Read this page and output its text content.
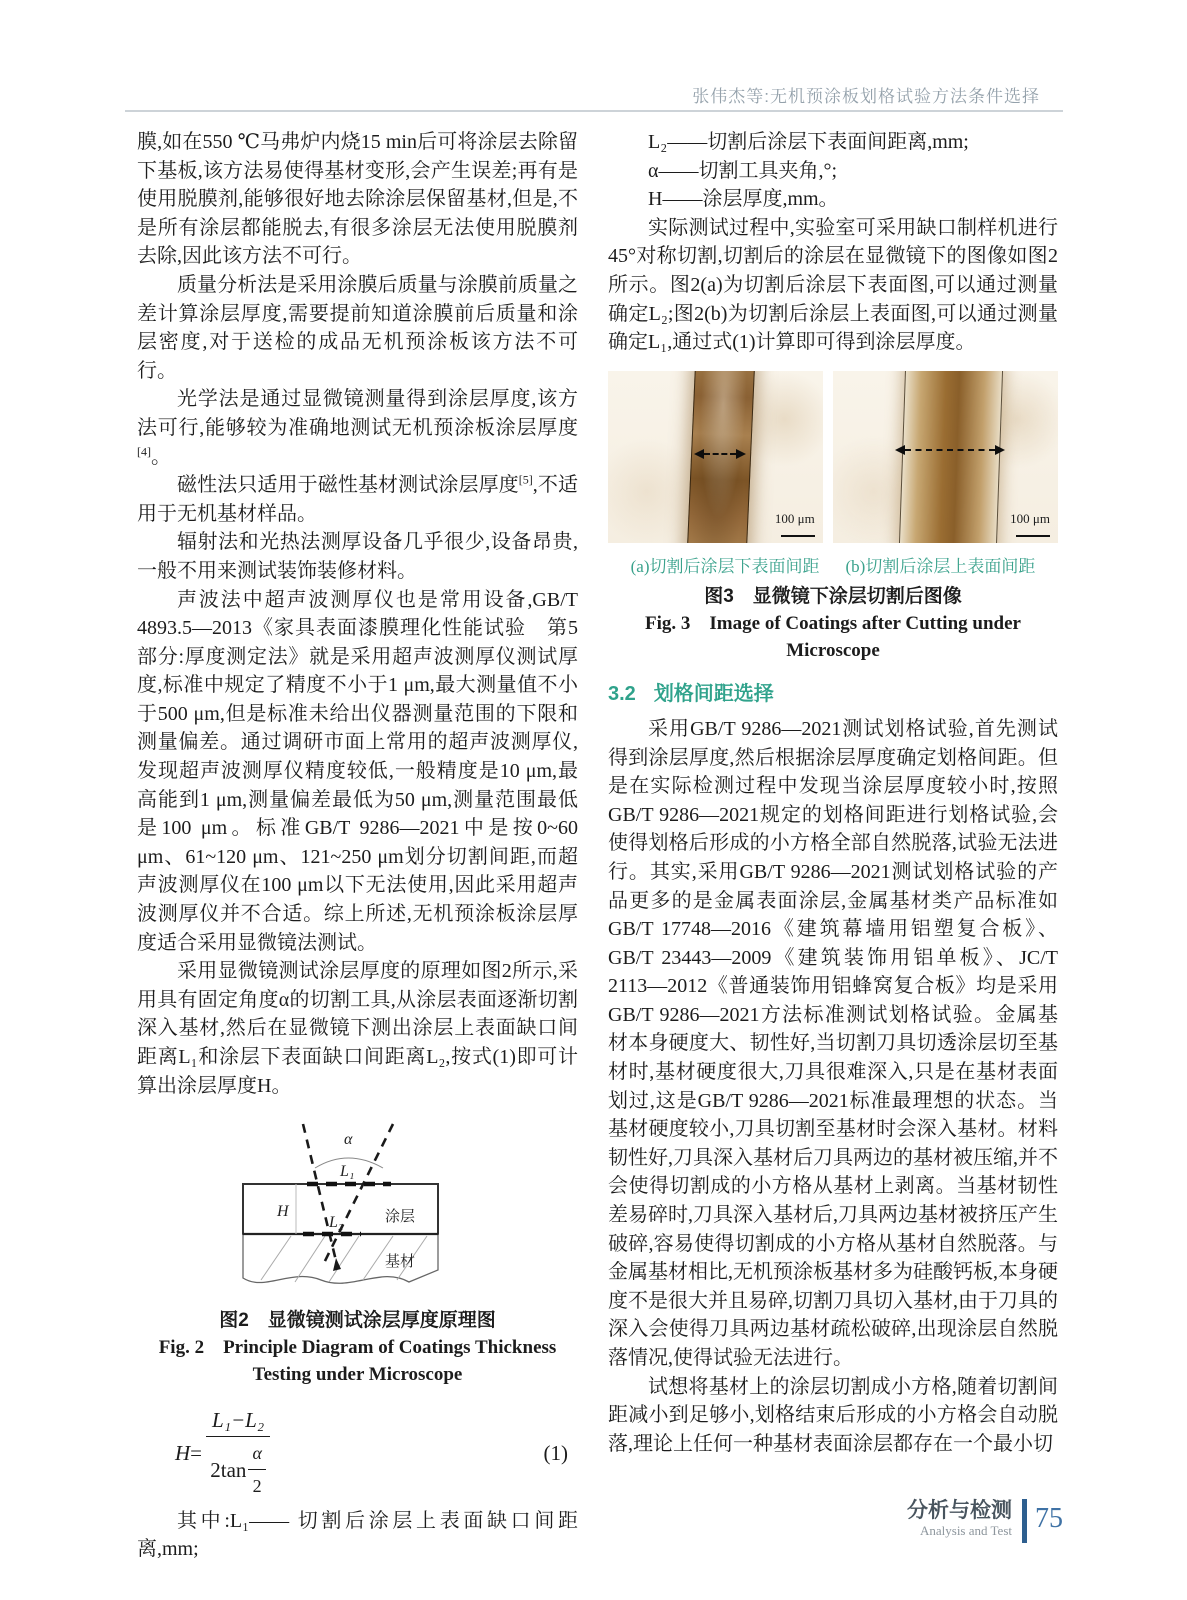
张伟杰等:无机预涂板划格试验方法条件选择

膜,如在550 ℃马弗炉内烧15 min后可将涂层去除留下基板,该方法易使得基材变形,会产生误差;再有是使用脱膜剂,能够很好地去除涂层保留基材,但是,不是所有涂层都能脱去,有很多涂层无法使用脱膜剂去除,因此该方法不可行。

质量分析法是采用涂膜后质量与涂膜前质量之差计算涂层厚度,需要提前知道涂膜前后质量和涂层密度,对于送检的成品无机预涂板该方法不可行。

光学法是通过显微镜测量得到涂层厚度,该方法可行,能够较为准确地测试无机预涂板涂层厚度[4]。

磁性法只适用于磁性基材测试涂层厚度[5],不适用于无机基材样品。

辐射法和光热法测厚设备几乎很少,设备昂贵,一般不用来测试装饰装修材料。

声波法中超声波测厚仪也是常用设备,GB/T 4893.5—2013《家具表面漆膜理化性能试验　第5部分:厚度测定法》就是采用超声波测厚仪测试厚度,标准中规定了精度不小于1 μm,最大测量值不小于500 μm,但是标准未给出仪器测量范围的下限和测量偏差。通过调研市面上常用的超声波测厚仪,发现超声波测厚仪精度较低,一般精度是10 μm,最高能到1 μm,测量偏差最低为50 μm,测量范围最低是100 μm。标准GB/T 9286—2021中是按0~60 μm、61~120 μm、121~250 μm划分切割间距,而超声波测厚仪在100 μm以下无法使用,因此采用超声波测厚仪并不合适。综上所述,无机预涂板涂层厚度适合采用显微镜法测试。

采用显微镜测试涂层厚度的原理如图2所示,采用具有固定角度α的切割工具,从涂层表面逐渐切割深入基材,然后在显微镜下测出涂层上表面缺口间距离L₁和涂层下表面缺口间距离L₂,按式(1)即可计算出涂层厚度H。

α
L₁
L₂
H	涂层
基材

图2　显微镜测试涂层厚度原理图

Fig. 2　Principle Diagram of Coatings Thickness Testing under Microscope

$H = \frac{\text{L₁−L₂}}{2\tan \frac{\alpha}{2}}$	(1)

其中:L₁—— 切割后涂层上表面缺口间距离,mm;

L₂——切割后涂层下表面间距离,mm;

α——切割工具夹角,°;

H——涂层厚度,mm。

实际测试过程中,实验室可采用缺口制样机进行45°对称切割,切割后的涂层在显微镜下的图像如图2所示。图2(a)为切割后涂层下表面图,可以通过测量确定L₂;图2(b)为切割后涂层上表面图,可以通过测量确定L₁,通过式(1)计算即可得到涂层厚度。

100 μm	100 μm

(a)切割后涂层下表面间距 (b)切割后涂层上表面间距

图3　显微镜下涂层切割后图像

Fig. 3　Image of Coatings after Cutting under Microscope

3.2 划格间距选择

采用GB/T 9286—2021测试划格试验,首先测试得到涂层厚度,然后根据涂层厚度确定划格间距。但是在实际检测过程中发现当涂层厚度较小时,按照GB/T 9286—2021规定的划格间距进行划格试验,会使得划格后形成的小方格全部自然脱落,试验无法进行。其实,采用GB/T 9286—2021测试划格试验的产品更多的是金属表面涂层,金属基材类产品标准如GB/T 17748—2016《建筑幕墙用铝塑复合板》、GB/T 23443—2009《建筑装饰用铝单板》、JC/T 2113—2012《普通装饰用铝蜂窝复合板》均是采用GB/T 9286—2021方法标准测试划格试验。金属基材本身硬度大、韧性好,当切割刀具切透涂层切至基材时,基材硬度很大,刀具很难深入,只是在基材表面划过,这是GB/T 9286—2021标准最理想的状态。当基材硬度较小,刀具切割至基材时会深入基材。材料韧性好,刀具深入基材后刀具两边的基材被压缩,并不会使得切割成的小方格从基材上剥离。当基材韧性差易碎时,刀具深入基材后,刀具两边基材被挤压产生破碎,容易使得切割成的小方格从基材自然脱落。与金属基材相比,无机预涂板基材多为硅酸钙板,本身硬度不是很大并且易碎,切割刀具切入基材,由于刀具的深入会使得刀具两边基材疏松破碎,出现涂层自然脱落情况,使得试验无法进行。

试想将基材上的涂层切割成小方格,随着切割间距减小到足够小,划格结束后形成的小方格会自动脱落,理论上任何一种基材表面涂层都存在一个最小切

分析与检测
Analysis and Test 75
